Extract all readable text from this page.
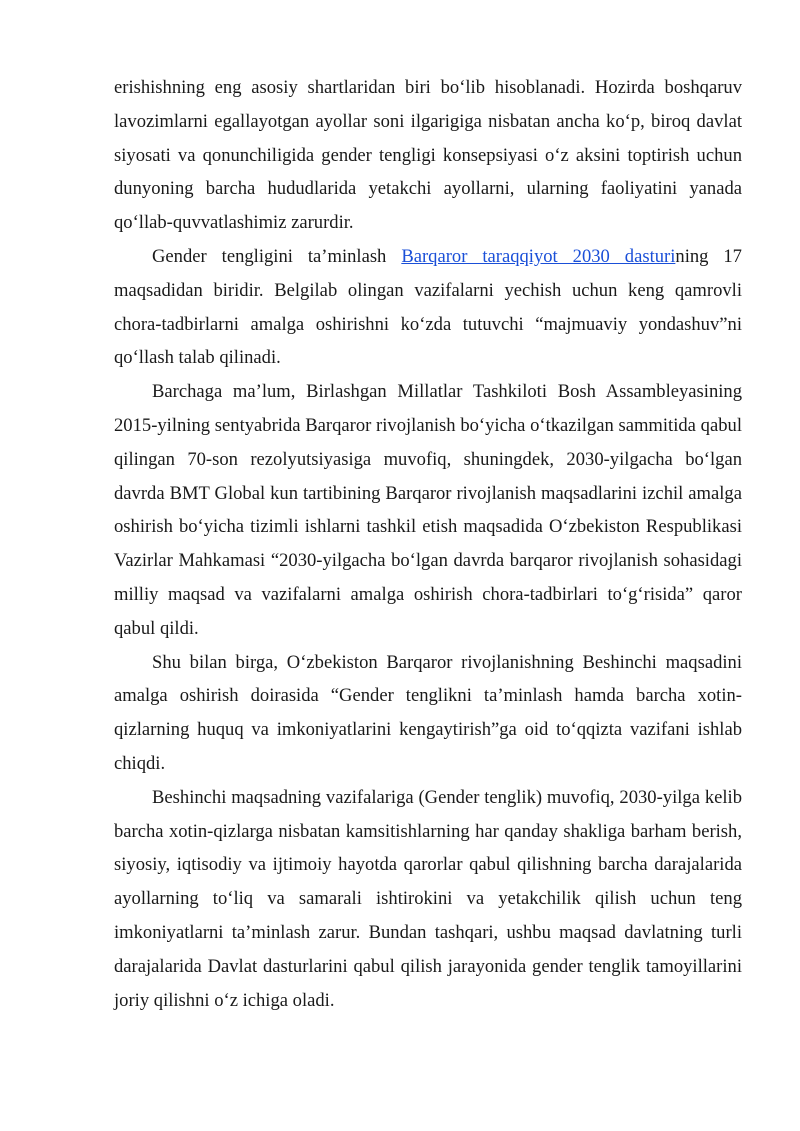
erishishning eng asosiy shartlaridan biri bo‘lib hisoblanadi. Hozirda boshqaruv lavozimlarni egallayotgan ayollar soni ilgarigiga nisbatan ancha ko‘p, biroq davlat siyosati va qonunchiligida gender tengligi konsepsiyasi o‘z aksini toptirish uchun dunyoning barcha hududlarida yetakchi ayollarni, ularning faoliyatini yanada qo‘llab-quvvatlashimiz zarurdir.

Gender tengligini ta’minlash Barqaror taraqqiyot 2030 dasturining 17 maqsadidan biridir. Belgilab olingan vazifalarni yechish uchun keng qamrovli chora-tadbirlarni amalga oshirishni ko‘zda tutuvchi “majmuaviy yondashuv”ni qo‘llash talab qilinadi.

Barchaga ma’lum, Birlashgan Millatlar Tashkiloti Bosh Assambleyasining 2015-yilning sentyabrida Barqaror rivojlanish bo‘yicha o‘tkazilgan sammitida qabul qilingan 70-son rezolyutsiyasiga muvofiq, shuningdek, 2030-yilgacha bo‘lgan davrda BMT Global kun tartibining Barqaror rivojlanish maqsadlarini izchil amalga oshirish bo‘yicha tizimli ishlarni tashkil etish maqsadida O‘zbekiston Respublikasi Vazirlar Mahkamasi “2030-yilgacha bo‘lgan davrda barqaror rivojlanish sohasidagi milliy maqsad va vazifalarni amalga oshirish chora-tadbirlari to‘g‘risida” qaror qabul qildi.

Shu bilan birga, O‘zbekiston Barqaror rivojlanishning Beshinchi maqsadini amalga oshirish doirasida “Gender tenglikni ta’minlash hamda barcha xotin-qizlarning huquq va imkoniyatlarini kengaytirish”ga oid to‘qqizta vazifani ishlab chiqdi.

Beshinchi maqsadning vazifalariga (Gender tenglik) muvofiq, 2030-yilga kelib barcha xotin-qizlarga nisbatan kamsitishlarning har qanday shakliga barham berish, siyosiy, iqtisodiy va ijtimoiy hayotda qarorlar qabul qilishning barcha darajalarida ayollarning to‘liq va samarali ishtirokini va yetakchilik qilish uchun teng imkoniyatlarni ta’minlash zarur. Bundan tashqari, ushbu maqsad davlatning turli darajalarida Davlat dasturlarini qabul qilish jarayonida gender tenglik tamoyillarini joriy qilishni o‘z ichiga oladi.
